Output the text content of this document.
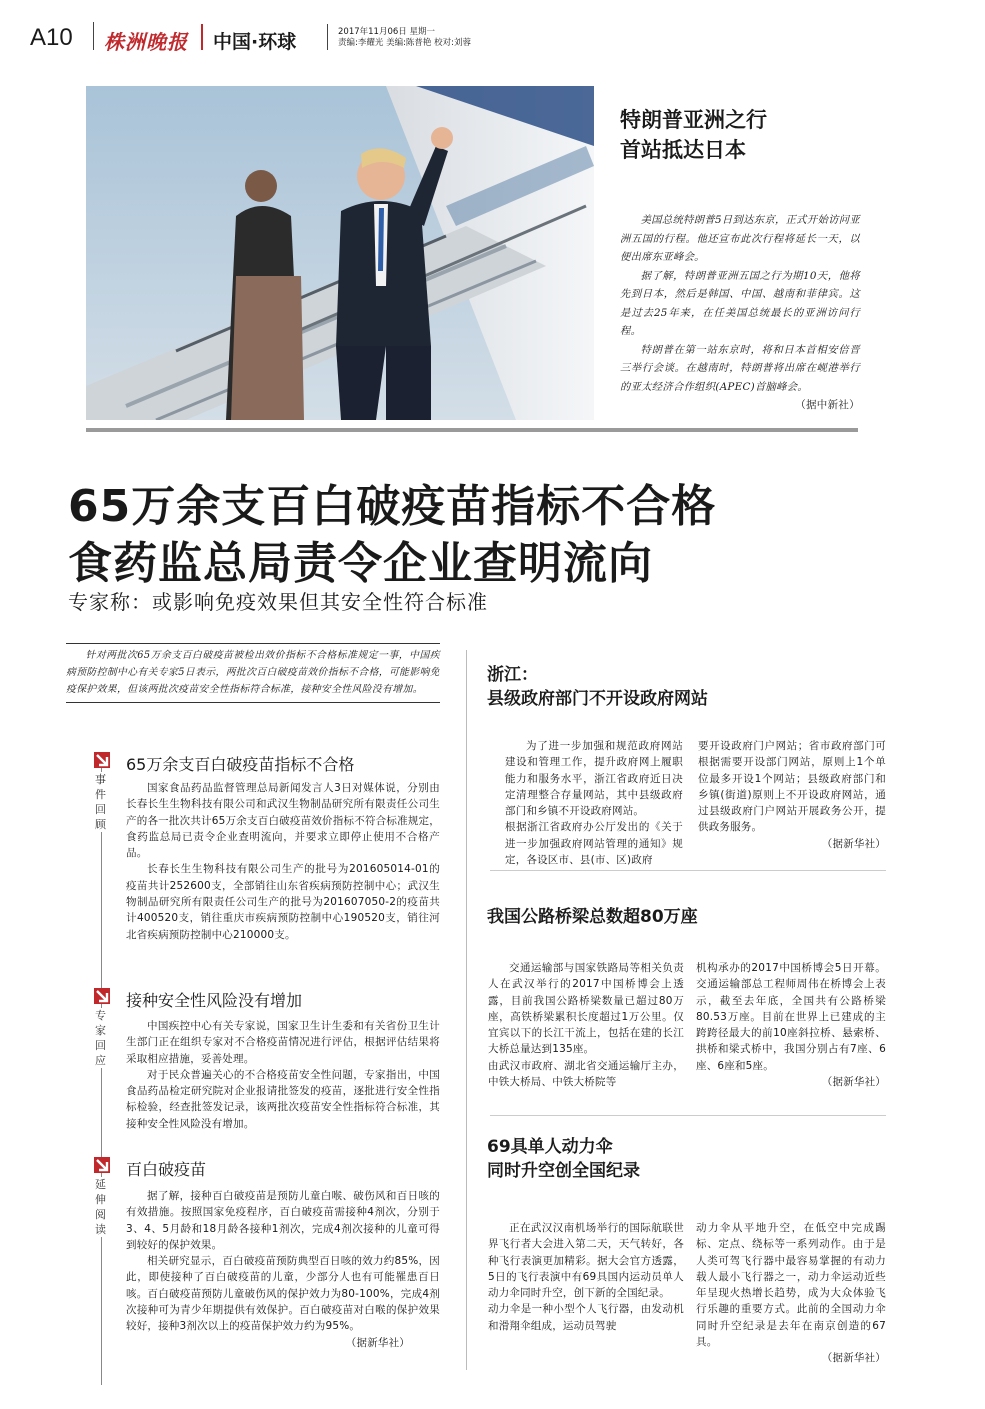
A10 株洲晚报 中国·环球	2017年11月06日 星期一
责编:李耀光 美编:陈普艳 校对:刘蓉
特朗普亚洲之行
首站抵达日本

美国总统特朗普5日到达东京，正式开始访问亚洲五国的行程。他还宣布此次行程将延长一天，以便出席东亚峰会。

据了解，特朗普亚洲五国之行为期10天，他将先到日本，然后是韩国、中国、越南和菲律宾。这是过去25年来，在任美国总统最长的亚洲访问行程。

特朗普在第一站东京时，将和日本首相安倍晋三举行会谈。在越南时，特朗普将出席在岘港举行的亚太经济合作组织(APEC)首脑峰会。

（据中新社）
65万余支百白破疫苗指标不合格
食药监总局责令企业查明流向
专家称：或影响免疫效果但其安全性符合标准

针对两批次65万余支百白破疫苗被检出效价指标不合格标准规定一事，中国疾病预防控制中心有关专家5日表示，两批次百白破疫苗效价指标不合格，可能影响免疫保护效果，但该两批次疫苗安全性指标符合标准，接种安全性风险没有增加。

65万余支百白破疫苗指标不合格
事件回顾

国家食品药品监督管理总局新闻发言人3日对媒体说，分别由长春长生生物科技有限公司和武汉生物制品研究所有限责任公司生产的各一批次共计65万余支百白破疫苗效价指标不符合标准规定，食药监总局已责令企业查明流向，并要求立即停止使用不合格产品。

长春长生生物科技有限公司生产的批号为201605014-01的疫苗共计252600支，全部销往山东省疾病预防控制中心；武汉生物制品研究所有限责任公司生产的批号为201607050-2的疫苗共计400520支，销往重庆市疾病预防控制中心190520支，销往河北省疾病预防控制中心210000支。

接种安全性风险没有增加
专家回应

中国疾控中心有关专家说，国家卫生计生委和有关省份卫生计生部门正在组织专家对不合格疫苗情况进行评估，根据评估结果将采取相应措施，妥善处理。

对于民众普遍关心的不合格疫苗安全性问题，专家指出，中国食品药品检定研究院对企业报请批签发的疫苗，逐批进行安全性指标检验，经查批签发记录，该两批次疫苗安全性指标符合标准，其接种安全性风险没有增加。

百白破疫苗
延伸阅读

据了解，接种百白破疫苗是预防儿童白喉、破伤风和百日咳的有效措施。按照国家免疫程序，百白破疫苗需接种4剂次，分别于3、4、5月龄和18月龄各接种1剂次，完成4剂次接种的儿童可得到较好的保护效果。

相关研究显示，百白破疫苗预防典型百日咳的效力约85%，因此，即使接种了百白破疫苗的儿童，少部分人也有可能罹患百日咳。百白破疫苗预防儿童破伤风的保护效力为80-100%，完成4剂次接种可为青少年期提供有效保护。百白破疫苗对白喉的保护效果较好，接种3剂次以上的疫苗保护效力约为95%。

（据新华社）
浙江：
县级政府部门不开设政府网站
为了进一步加强和规范政府网站建设和管理工作，提升政府网上履职能力和服务水平，浙江省政府近日决定清理整合存量网站，其中县级政府部门和乡镇不开设政府网站。
根据浙江省政府办公厅发出的《关于进一步加强政府网站管理的通知》规定，各设区市、县(市、区)政府
要开设政府门户网站；省市政府部门可根据需要开设部门网站，原则上1个单位最多开设1个网站；县级政府部门和乡镇(街道)原则上不开设政府网站，通过县级政府门户网站开展政务公开，提供政务服务。
（据新华社）
我国公路桥梁总数超80万座
交通运输部与国家铁路局等相关负责人在武汉举行的2017中国桥博会上透露，目前我国公路桥梁数量已超过80万座，高铁桥梁累积长度超过1万公里。仅宜宾以下的长江干流上，包括在建的长江大桥总量达到135座。
由武汉市政府、湖北省交通运输厅主办，中铁大桥局、中铁大桥院等
机构承办的2017中国桥博会5日开幕。交通运输部总工程师周伟在桥博会上表示，截至去年底，全国共有公路桥梁80.53万座。目前在世界上已建成的主跨跨径最大的前10座斜拉桥、悬索桥、拱桥和梁式桥中，我国分别占有7座、6座、6座和5座。
（据新华社）
69具单人动力伞
同时升空创全国纪录
正在武汉汉南机场举行的国际航联世界飞行者大会进入第二天，天气转好，各种飞行表演更加精彩。据大会官方透露，5日的飞行表演中有69具国内运动员单人动力伞同时升空，创下新的全国纪录。
动力伞是一种小型个人飞行器，由发动机和滑翔伞组成，运动员驾驶
动力伞从平地升空，在低空中完成踢标、定点、绕标等一系列动作。由于是人类可驾飞行器中最容易掌握的有动力载人最小飞行器之一，动力伞运动近些年呈现火热增长趋势，成为大众体验飞行乐趣的重要方式。此前的全国动力伞同时升空纪录是去年在南京创造的67具。
（据新华社）
